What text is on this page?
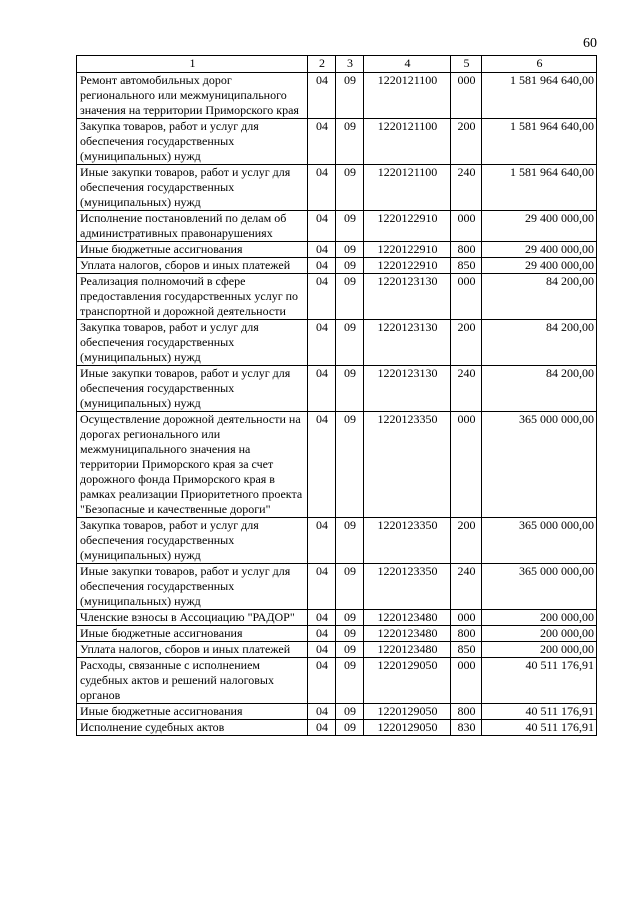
60
1	2	3	4	5	6
Ремонт автомобильных дорог регионального или межмуниципального значения на территории Приморского края	04	09	1220121100	000	1 581 964 640,00
Закупка товаров, работ и услуг для обеспечения государственных (муниципальных) нужд	04	09	1220121100	200	1 581 964 640,00
Иные закупки товаров, работ и услуг для обеспечения государственных (муниципальных) нужд	04	09	1220121100	240	1 581 964 640,00
Исполнение постановлений по делам об административных правонарушениях	04	09	1220122910	000	29 400 000,00
Иные бюджетные ассигнования	04	09	1220122910	800	29 400 000,00
Уплата налогов, сборов и иных платежей	04	09	1220122910	850	29 400 000,00
Реализация полномочий в сфере предоставления государственных услуг по транспортной и дорожной деятельности	04	09	1220123130	000	84 200,00
Закупка товаров, работ и услуг для обеспечения государственных (муниципальных) нужд	04	09	1220123130	200	84 200,00
Иные закупки товаров, работ и услуг для обеспечения государственных (муниципальных) нужд	04	09	1220123130	240	84 200,00
Осуществление дорожной деятельности на дорогах регионального или межмуниципального значения на территории Приморского края за счет дорожного фонда Приморского края в рамках реализации Приоритетного проекта "Безопасные и качественные дороги"	04	09	1220123350	000	365 000 000,00
Закупка товаров, работ и услуг для обеспечения государственных (муниципальных) нужд	04	09	1220123350	200	365 000 000,00
Иные закупки товаров, работ и услуг для обеспечения государственных (муниципальных) нужд	04	09	1220123350	240	365 000 000,00
Членские взносы в Ассоциацию "РАДОР"	04	09	1220123480	000	200 000,00
Иные бюджетные ассигнования	04	09	1220123480	800	200 000,00
Уплата налогов, сборов и иных платежей	04	09	1220123480	850	200 000,00
Расходы, связанные с исполнением судебных актов и решений налоговых органов	04	09	1220129050	000	40 511 176,91
Иные бюджетные ассигнования	04	09	1220129050	800	40 511 176,91
Исполнение судебных актов	04	09	1220129050	830	40 511 176,91
